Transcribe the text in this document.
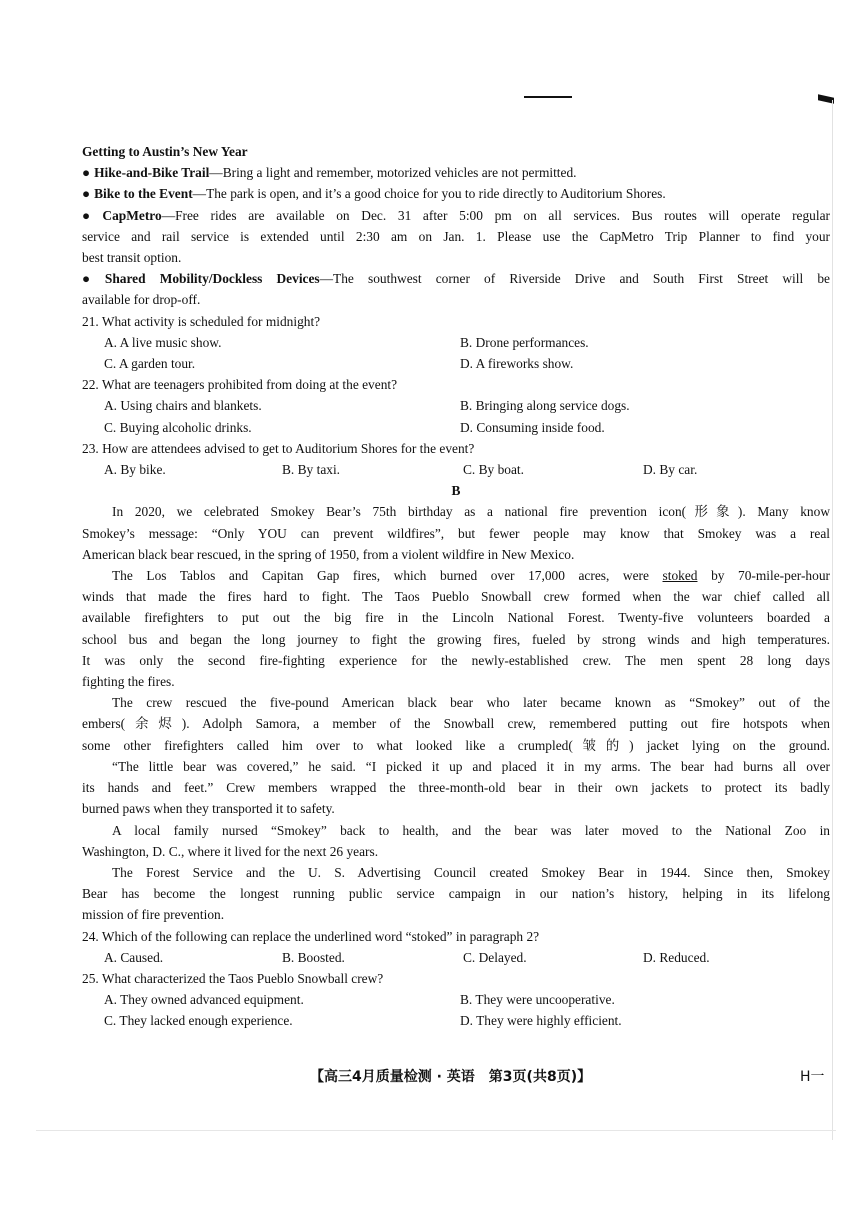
Getting to Austin’s New Year
● Hike-and-Bike Trail—Bring a light and remember, motorized vehicles are not permitted.
● Bike to the Event—The park is open, and it’s a good choice for you to ride directly to Auditorium Shores.
● CapMetro—Free rides are available on Dec. 31 after 5:00 pm on all services. Bus routes will operate regular
service and rail service is extended until 2:30 am on Jan. 1. Please use the CapMetro Trip Planner to find your
best transit option.
● Shared Mobility/Dockless Devices—The southwest corner of Riverside Drive and South First Street will be
available for drop-off.
21. What activity is scheduled for midnight?
A. A live music show.	B. Drone performances.
C. A garden tour.	D. A fireworks show.
22. What are teenagers prohibited from doing at the event?
A. Using chairs and blankets.	B. Bringing along service dogs.
C. Buying alcoholic drinks.	D. Consuming inside food.
23. How are attendees advised to get to Auditorium Shores for the event?
A. By bike.	B. By taxi.	C. By boat.	D. By car.
B
In 2020, we celebrated Smokey Bear’s 75th birthday as a national fire prevention icon(形象). Many know
Smokey’s message: “Only YOU can prevent wildfires”, but fewer people may know that Smokey was a real
American black bear rescued, in the spring of 1950, from a violent wildfire in New Mexico.
The Los Tablos and Capitan Gap fires, which burned over 17,000 acres, were stoked by 70-mile-per-hour
winds that made the fires hard to fight. The Taos Pueblo Snowball crew formed when the war chief called all
available firefighters to put out the big fire in the Lincoln National Forest. Twenty-five volunteers boarded a
school bus and began the long journey to fight the growing fires, fueled by strong winds and high temperatures.
It was only the second fire-fighting experience for the newly-established crew. The men spent 28 long days
fighting the fires.
The crew rescued the five-pound American black bear who later became known as “Smokey” out of the
embers(余烬). Adolph Samora, a member of the Snowball crew, remembered putting out fire hotspots when
some other firefighters called him over to what looked like a crumpled(皱的) jacket lying on the ground.
“The little bear was covered,” he said. “I picked it up and placed it in my arms. The bear had burns all over
its hands and feet.” Crew members wrapped the three-month-old bear in their own jackets to protect its badly
burned paws when they transported it to safety.
A local family nursed “Smokey” back to health, and the bear was later moved to the National Zoo in
Washington, D. C., where it lived for the next 26 years.
The Forest Service and the U. S. Advertising Council created Smokey Bear in 1944. Since then, Smokey
Bear has become the longest running public service campaign in our nation’s history, helping in its lifelong
mission of fire prevention.
24. Which of the following can replace the underlined word “stoked” in paragraph 2?
A. Caused.	B. Boosted.	C. Delayed.	D. Reduced.
25. What characterized the Taos Pueblo Snowball crew?
A. They owned advanced equipment.	B. They were uncooperative.
C. They lacked enough experience.	D. They were highly efficient.
【高三4月质量检测 · 英语　第3页(共8页)】	H一
